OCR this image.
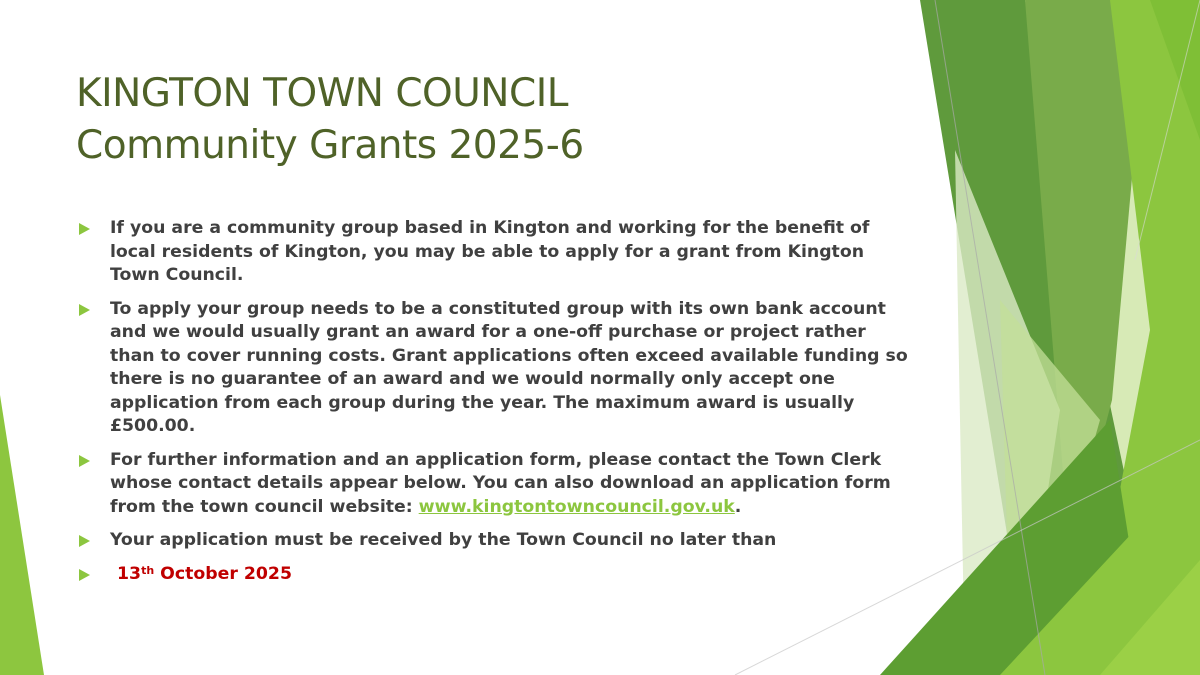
KINGTON TOWN COUNCIL
Community Grants 2025-6
If you are a community group based in Kington and working for the benefit of local residents of Kington, you may be able to apply for a grant from Kington Town Council.
To apply your group needs to be a constituted group with its own bank account and we would usually grant an award for a one-off purchase or project rather than to cover running costs. Grant applications often exceed available funding so there is no guarantee of an award and we would normally only accept one application from each group during the year. The maximum award is usually £500.00.
For further information and an application form, please contact the Town Clerk whose contact details appear below. You can also download an application form from the town council website: www.kingtontowncouncil.gov.uk.
Your application must be received by the Town Council no later than
13th October 2025
